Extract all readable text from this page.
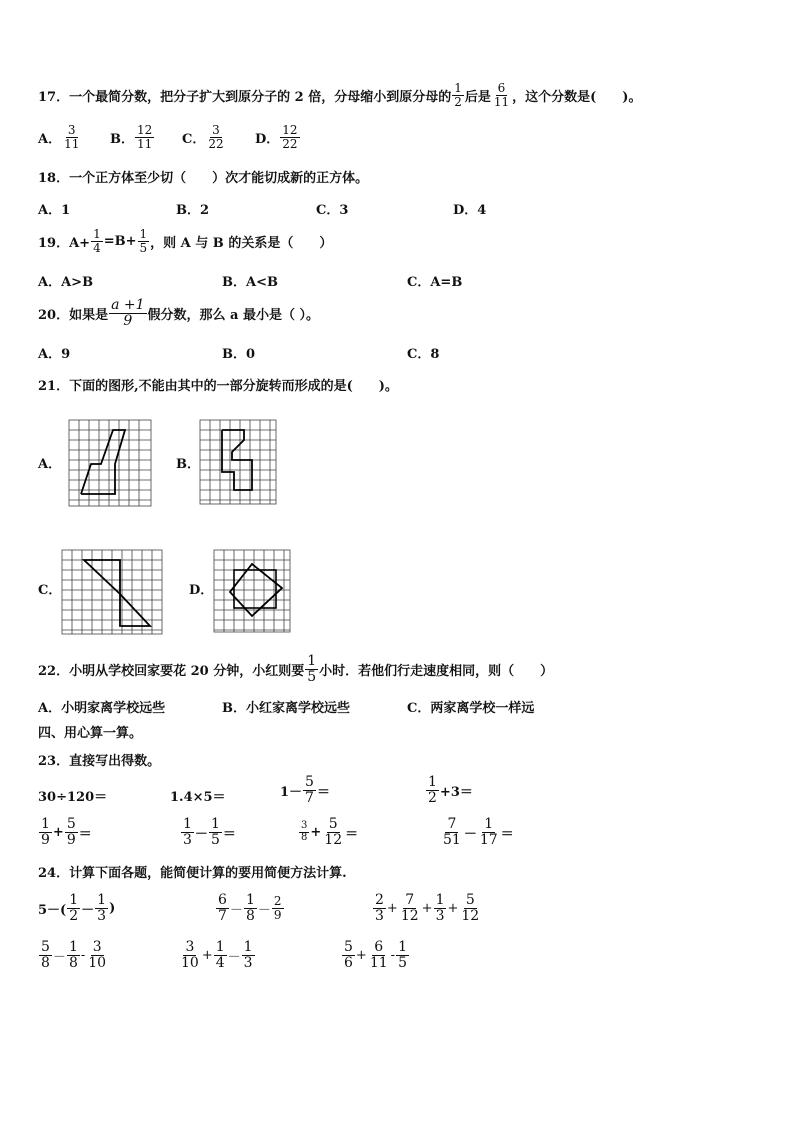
17．一个最简分数，把分子扩大到原分子的 2 倍，分母缩小到原分母的 $\frac{1}{2}$ 后是 $\frac{6}{11}$ ，这个分数是(　　)。
A． $\frac{3}{11}$ B． $\frac{12}{11}$ C． $\frac{3}{22}$ D． $\frac{12}{22}$
18．一个正方体至少切（　　）次才能切成新的正方体。
A．1	B．2	C．3	D．4
19．$A+ \frac{1}{4} =B+ \frac{1}{5}$ ，则 A 与 B 的关系是（　　）
A．A>B	B．A<B	C．A=B
20．如果是 $\frac{a +1}{9}$ 假分数，那么 a 最小是（ ）。
A．9	B．0	C．8
21．下面的图形,不能由其中的一部分旋转而形成的是(　　)。
A．	B．
C．	D．
22．小明从学校回家要花 20 分钟，小红则要 $\frac{1}{5}$ 小时．若他们行走速度相同，则（　　）
A．小明家离学校远些	B．小红家离学校远些	C．两家离学校一样远
四、用心算一算。
23．直接写出得数。
30÷120＝	1.4×5＝	$1- \frac{5}{7}$ ＝	$\frac{1}{2} +3=$
$\frac{1}{9} + \frac{5}{9}$ ＝	$\frac{1}{3} - \frac{1}{5}$ ＝	$\frac{3}{8} + \frac{5}{12}$ ＝	$\frac{7}{51} - \frac{1}{17}$ ＝
24．计算下面各题，能简便计算的要用简便方法计算.
$5-( \frac{1}{2} - \frac{1}{3}$ )	$\frac{6}{7} - \frac{1}{8} - \frac{2}{9}$	$\frac{2}{3} + \frac{7}{12} + \frac{1}{3} + \frac{5}{12}$
$\frac{5}{8} - \frac{1}{8} - \frac{3}{10}$	$\frac{3}{10} + \frac{1}{4} - \frac{1}{3}$	$\frac{5}{6} + \frac{6}{11} - \frac{1}{5}$
